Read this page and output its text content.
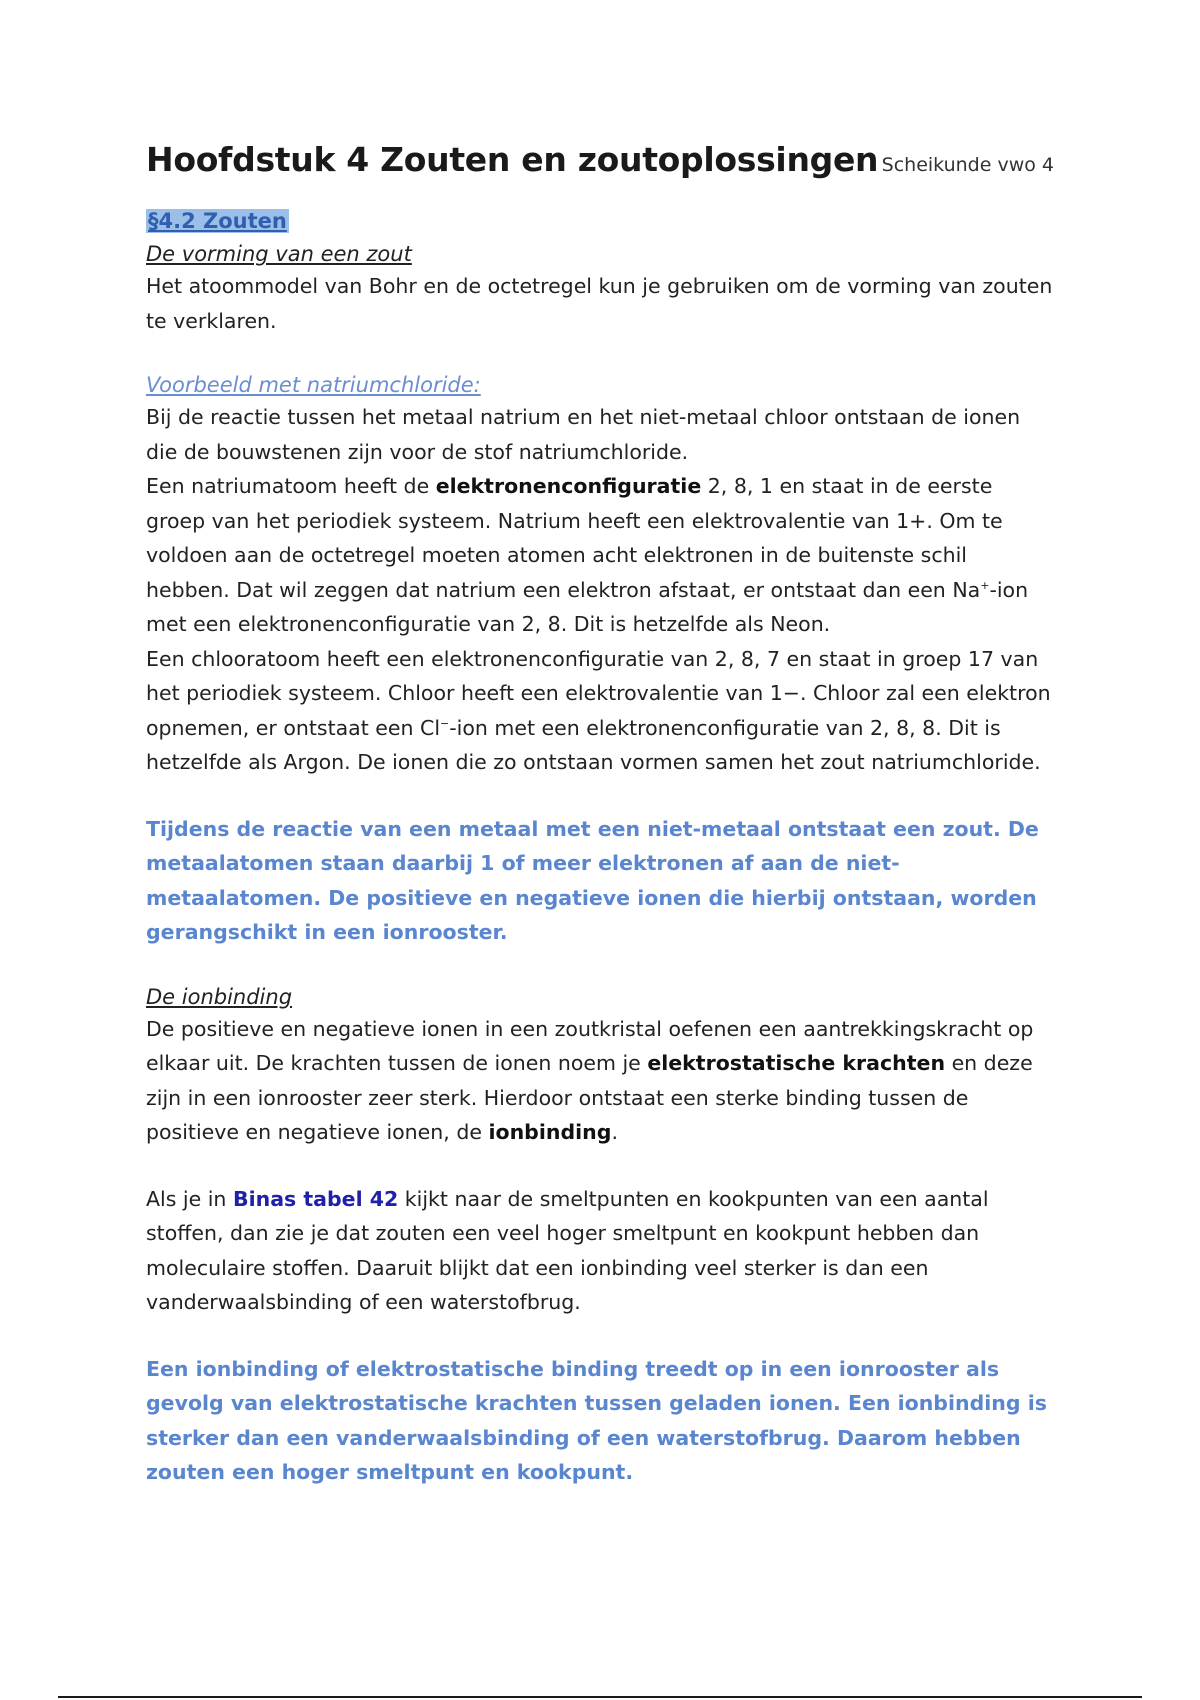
Hoofdstuk 4 Zouten en zoutoplossingen Scheikunde vwo 4
§4.2 Zouten
De vorming van een zout

Het atoommodel van Bohr en de octetregel kun je gebruiken om de vorming van zouten te verklaren.

Voorbeeld met natriumchloride:

Bij de reactie tussen het metaal natrium en het niet-metaal chloor ontstaan de ionen die de bouwstenen zijn voor de stof natriumchloride.

Een natriumatoom heeft de elektronenconfiguratie 2, 8, 1 en staat in de eerste groep van het periodiek systeem. Natrium heeft een elektrovalentie van 1+. Om te voldoen aan de octetregel moeten atomen acht elektronen in de buitenste schil hebben. Dat wil zeggen dat natrium een elektron afstaat, er ontstaat dan een Na+-ion met een elektronenconfiguratie van 2, 8. Dit is hetzelfde als Neon.

Een chlooratoom heeft een elektronenconfiguratie van 2, 8, 7 en staat in groep 17 van het periodiek systeem. Chloor heeft een elektrovalentie van 1−. Chloor zal een elektron opnemen, er ontstaat een Cl−-ion met een elektronenconfiguratie van 2, 8, 8. Dit is hetzelfde als Argon. De ionen die zo ontstaan vormen samen het zout natriumchloride.

Tijdens de reactie van een metaal met een niet-metaal ontstaat een zout. De metaalatomen staan daarbij 1 of meer elektronen af aan de niet-metaalatomen. De positieve en negatieve ionen die hierbij ontstaan, worden gerangschikt in een ionrooster.

De ionbinding

De positieve en negatieve ionen in een zoutkristal oefenen een aantrekkingskracht op elkaar uit. De krachten tussen de ionen noem je elektrostatische krachten en deze zijn in een ionrooster zeer sterk. Hierdoor ontstaat een sterke binding tussen de positieve en negatieve ionen, de ionbinding.

Als je in Binas tabel 42 kijkt naar de smeltpunten en kookpunten van een aantal stoffen, dan zie je dat zouten een veel hoger smeltpunt en kookpunt hebben dan moleculaire stoffen. Daaruit blijkt dat een ionbinding veel sterker is dan een vanderwaalsbinding of een waterstofbrug.

Een ionbinding of elektrostatische binding treedt op in een ionrooster als gevolg van elektrostatische krachten tussen geladen ionen. Een ionbinding is sterker dan een vanderwaalsbinding of een waterstofbrug. Daarom hebben zouten een hoger smeltpunt en kookpunt.
